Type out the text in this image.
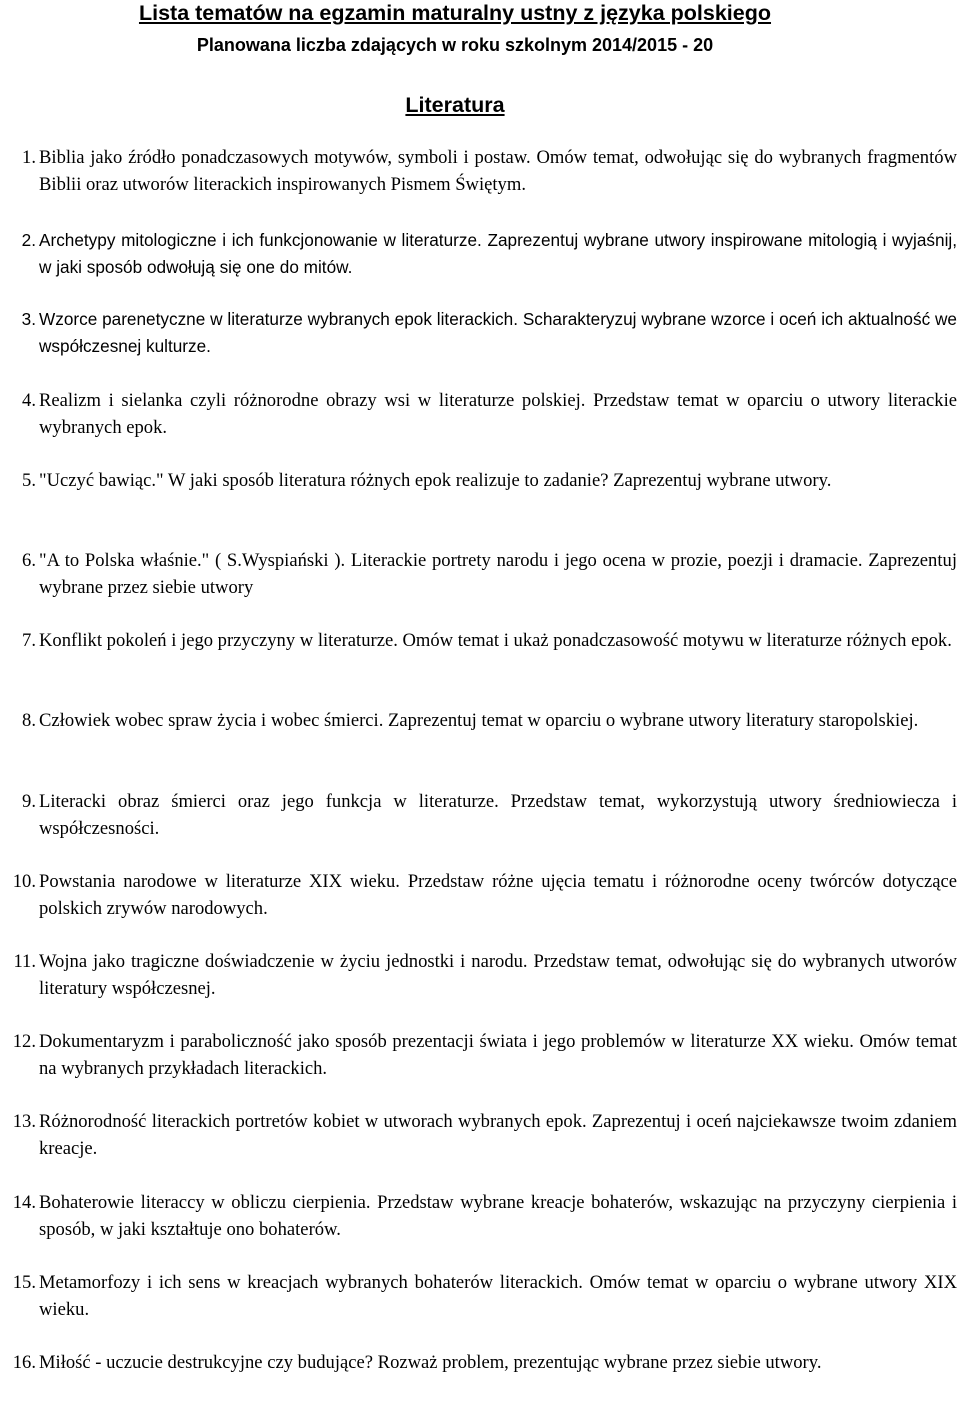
Lista tematów na egzamin maturalny ustny z języka polskiego
Planowana liczba zdających w roku szkolnym 2014/2015 - 20
Literatura
1. Biblia jako źródło ponadczasowych motywów, symboli i postaw. Omów temat, odwołując się do wybranych fragmentów Biblii oraz utworów literackich inspirowanych Pismem Świętym.
2. Archetypy mitologiczne i ich funkcjonowanie w literaturze. Zaprezentuj wybrane utwory inspirowane mitologią i wyjaśnij, w jaki sposób odwołują się one do mitów.
3. Wzorce parenetyczne w literaturze wybranych epok literackich. Scharakteryzuj wybrane wzorce i oceń ich aktualność we współczesnej kulturze.
4. Realizm i sielanka czyli różnorodne obrazy wsi w literaturze polskiej. Przedstaw temat w oparciu o utwory literackie wybranych epok.
5. "Uczyć bawiąc." W jaki sposób literatura różnych epok realizuje to zadanie? Zaprezentuj wybrane utwory.
6. "A to Polska właśnie." ( S.Wyspiański ). Literackie portrety narodu i jego ocena w prozie, poezji i dramacie. Zaprezentuj wybrane przez siebie utwory
7. Konflikt pokoleń i jego przyczyny w literaturze. Omów temat i ukaż ponadczasowość motywu w literaturze różnych epok.
8. Człowiek wobec spraw życia i wobec śmierci. Zaprezentuj temat w oparciu o wybrane utwory literatury staropolskiej.
9. Literacki obraz śmierci oraz jego funkcja w literaturze. Przedstaw temat, wykorzystują utwory średniowiecza i współczesności.
10. Powstania narodowe w literaturze XIX wieku. Przedstaw różne ujęcia tematu i różnorodne oceny twórców dotyczące polskich zrywów narodowych.
11. Wojna jako tragiczne doświadczenie w życiu jednostki i narodu. Przedstaw temat, odwołując się do wybranych utworów literatury współczesnej.
12. Dokumentaryzm i paraboliczność jako sposób prezentacji świata i jego problemów w literaturze XX wieku. Omów temat na wybranych przykładach literackich.
13. Różnorodność literackich portretów kobiet w utworach wybranych epok. Zaprezentuj i oceń najciekawsze twoim zdaniem kreacje.
14. Bohaterowie literaccy w obliczu cierpienia. Przedstaw wybrane kreacje bohaterów, wskazując na przyczyny cierpienia i sposób, w jaki kształtuje ono bohaterów.
15. Metamorfozy i ich sens w kreacjach wybranych bohaterów literackich. Omów temat w oparciu o wybrane utwory XIX wieku.
16. Miłość - uczucie destrukcyjne czy budujące? Rozważ problem, prezentując wybrane przez siebie utwory.
